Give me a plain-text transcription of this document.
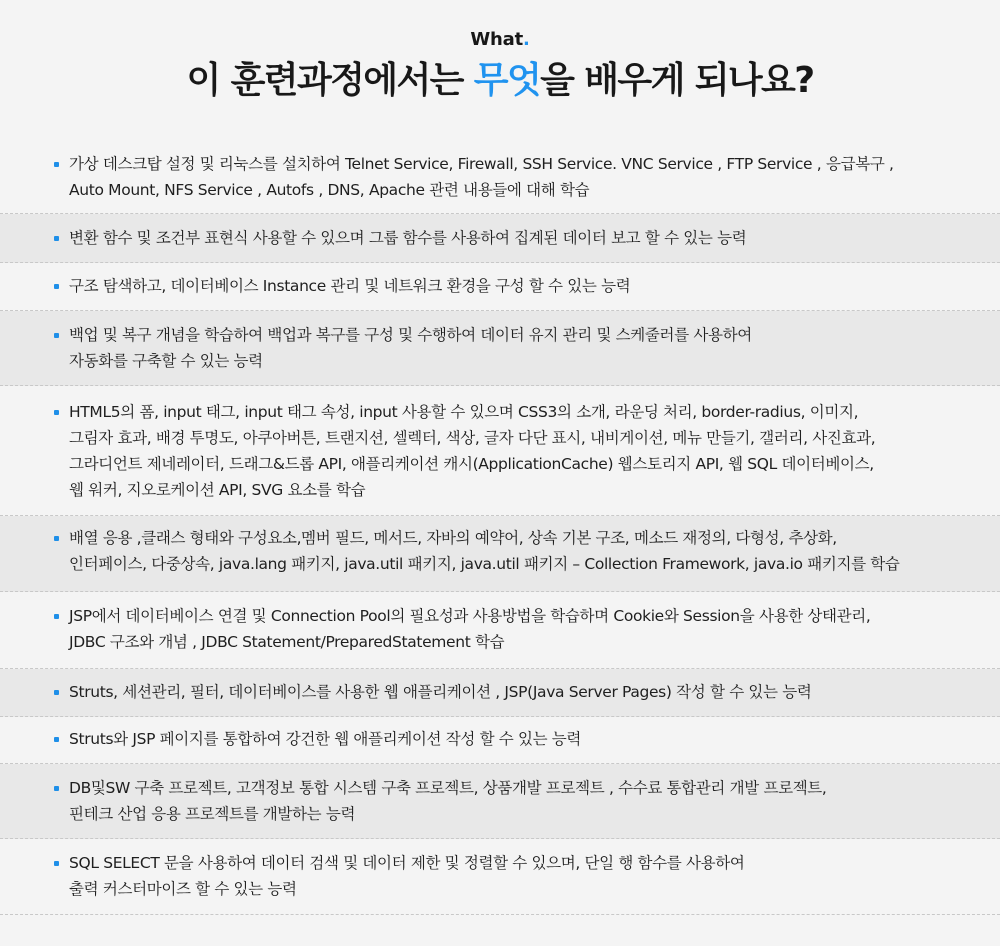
What.
이 훈련과정에서는 무엇을 배우게 되나요?
가상 데스크탑 설정 및 리눅스를 설치하여 Telnet Service, Firewall, SSH Service. VNC Service , FTP Service , 응급복구 ,
Auto Mount, NFS Service , Autofs , DNS, Apache 관련 내용들에 대해 학습
변환 함수 및 조건부 표현식 사용할 수 있으며 그룹 함수를 사용하여 집계된 데이터 보고 할 수 있는 능력
구조 탐색하고, 데이터베이스 Instance 관리 및 네트워크 환경을 구성 할 수 있는 능력
백업 및 복구 개념을 학습하여 백업과 복구를 구성 및 수행하여 데이터 유지 관리 및 스케줄러를 사용하여
자동화를 구축할 수 있는 능력
HTML5의 폼, input 태그, input 태그 속성, input 사용할 수 있으며 CSS3의 소개, 라운딩 처리, border-radius, 이미지,
그림자 효과, 배경 투명도, 아쿠아버튼, 트랜지션, 셀렉터, 색상, 글자 다단 표시, 내비게이션, 메뉴 만들기, 갤러리, 사진효과,
그라디언트 제네레이터, 드래그&드롭 API, 애플리케이션 캐시(ApplicationCache) 웹스토리지 API, 웹 SQL 데이터베이스,
웹 워커, 지오로케이션 API, SVG 요소를 학습
배열 응용 ,클래스 형태와 구성요소,멤버 필드, 메서드, 자바의 예약어, 상속 기본 구조, 메소드 재정의, 다형성, 추상화,
인터페이스, 다중상속, java.lang 패키지, java.util 패키지, java.util 패키지 – Collection Framework, java.io 패키지를 학습
JSP에서 데이터베이스 연결 및 Connection Pool의 필요성과 사용방법을 학습하며 Cookie와 Session을 사용한 상태관리,
JDBC 구조와 개념 , JDBC Statement/PreparedStatement 학습
Struts, 세션관리, 필터, 데이터베이스를 사용한 웹 애플리케이션 , JSP(Java Server Pages) 작성 할 수 있는 능력
Struts와 JSP 페이지를 통합하여 강건한 웹 애플리케이션 작성 할 수 있는 능력
DB및SW 구축 프로젝트, 고객정보 통합 시스템 구축 프로젝트, 상품개발 프로젝트 , 수수료 통합관리 개발 프로젝트,
핀테크 산업 응용 프로젝트를 개발하는 능력
SQL SELECT 문을 사용하여 데이터 검색 및 데이터 제한 및 정렬할 수 있으며, 단일 행 함수를 사용하여
출력 커스터마이즈 할 수 있는 능력
